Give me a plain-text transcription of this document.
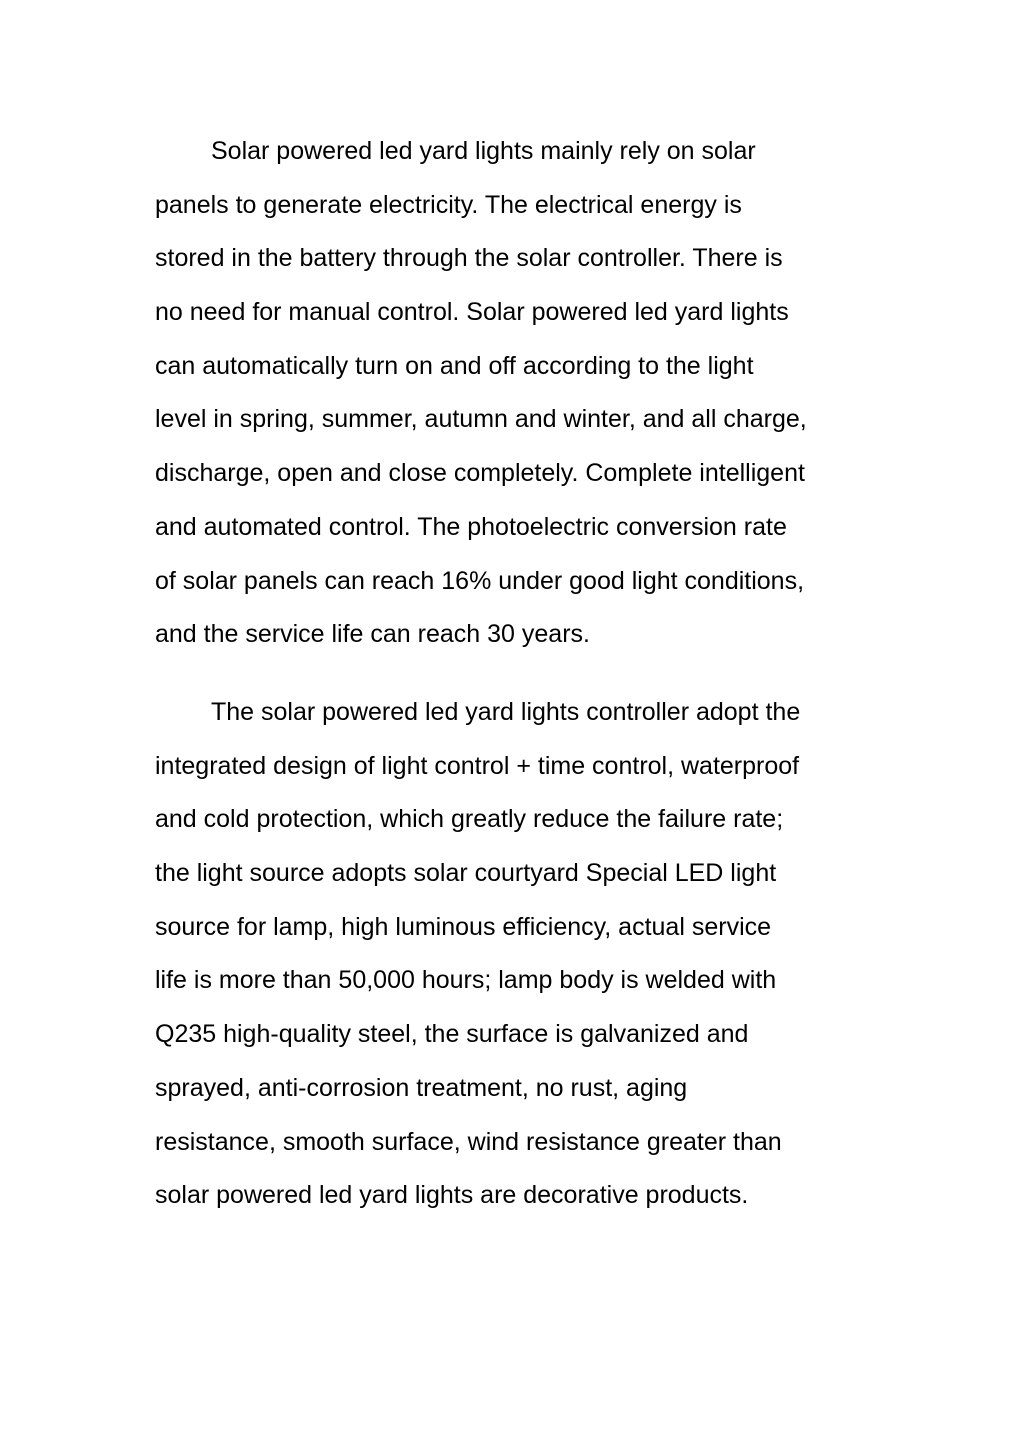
Solar powered led yard lights mainly rely on solar
panels to generate electricity. The electrical energy is
stored in the battery through the solar controller. There is
no need for manual control. Solar powered led yard lights
can automatically turn on and off according to the light
level in spring, summer, autumn and winter, and all charge,
discharge, open and close completely. Complete intelligent
and automated control. The photoelectric conversion rate
of solar panels can reach 16% under good light conditions,
and the service life can reach 30 years.

The solar powered led yard lights controller adopt the
integrated design of light control + time control, waterproof
and cold protection, which greatly reduce the failure rate;
the light source adopts solar courtyard Special LED light
source for lamp, high luminous efficiency, actual service
life is more than 50,000 hours; lamp body is welded with
Q235 high-quality steel, the surface is galvanized and
sprayed, anti-corrosion treatment, no rust, aging
resistance, smooth surface, wind resistance greater than
solar powered led yard lights are decorative products.
